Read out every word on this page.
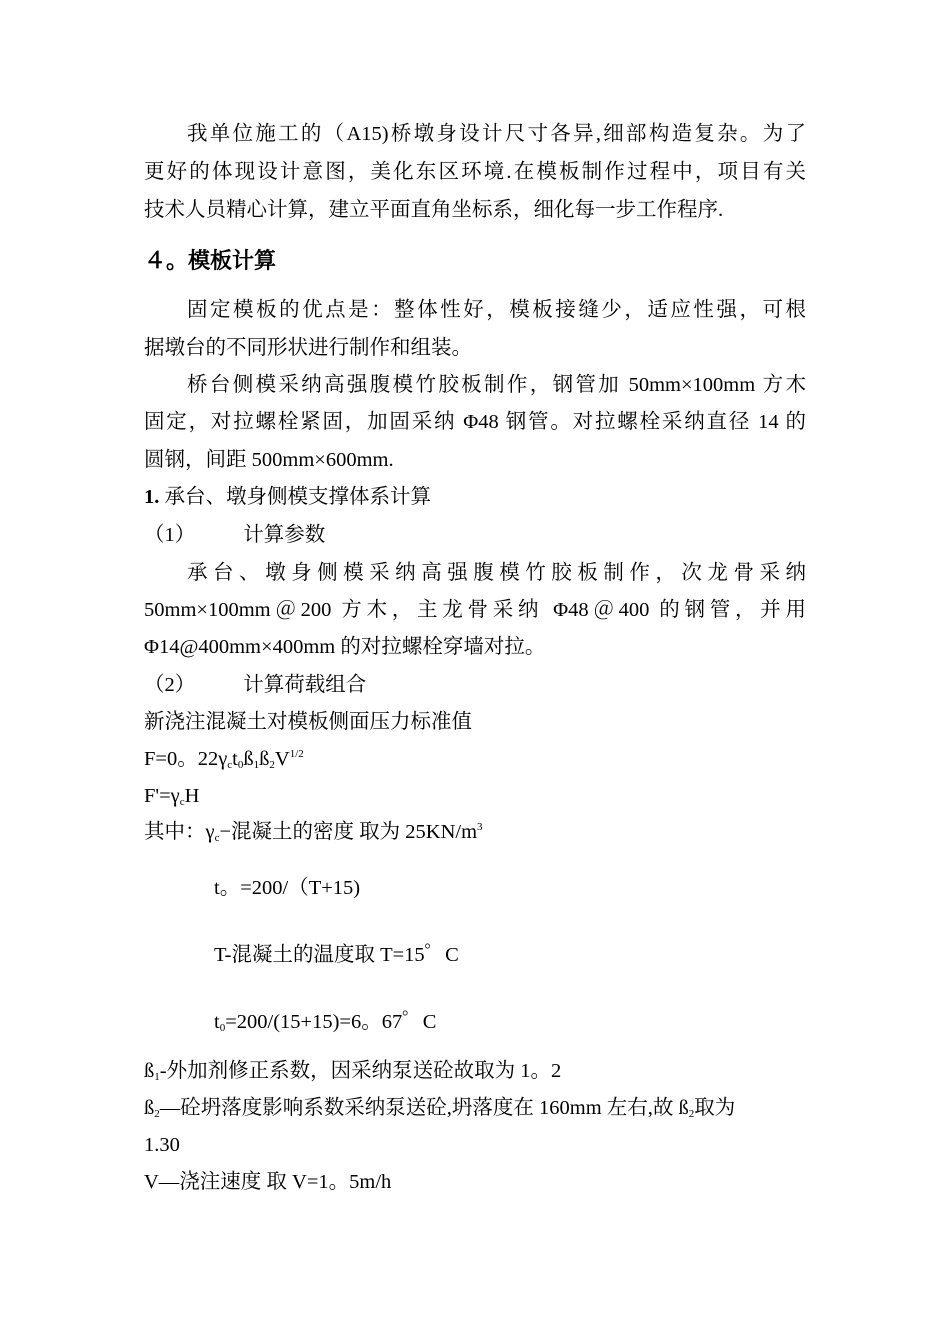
我单位施工的（A15)桥墩身设计尺寸各异,细部构造复杂。为了
更好的体现设计意图，美化东区环境.在模板制作过程中，项目有关
技术人员精心计算，建立平面直角坐标系，细化每一步工作程序.
４。模板计算
固定模板的优点是：整体性好，模板接缝少，适应性强，可根
据墩台的不同形状进行制作和组装。
桥台侧模采纳高强腹模竹胶板制作，钢管加 50mm×100mm 方木
固定，对拉螺栓紧固，加固采纳 Φ48 钢管。对拉螺栓采纳直径 14 的
圆钢，间距 500mm×600mm.
1. 承台、墩身侧模支撑体系计算
（1） 计算参数
承台、墩身侧模采纳高强腹模竹胶板制作，次龙骨采纳
50mm×100mm＠200 方木，主龙骨采纳 Φ48＠400 的钢管，并用
Φ14@400mm×400mm 的对拉螺栓穿墙对拉。
（2） 计算荷载组合
新浇注混凝土对模板侧面压力标准值
F=0。$22\gamma_ct_0ß_1ß_2V^{1/2}$
$F'=\gamma_cH$
其中：$\gamma_c-$混凝土的密度 取为 $25KN/m^3$
t。=200/（T+15)
T-混凝土的温度取 T=15゜C
$t_0=200/(15+15)=6$。67゜C
$ß_1-$外加剂修正系数，因采纳泵送砼故取为 1。2
$ß_2—$砼坍落度影响系数采纳泵送砼,坍落度在 160mm 左右,故 $ß_2$取为
1.30
V—浇注速度 取 V=1。5m/h
